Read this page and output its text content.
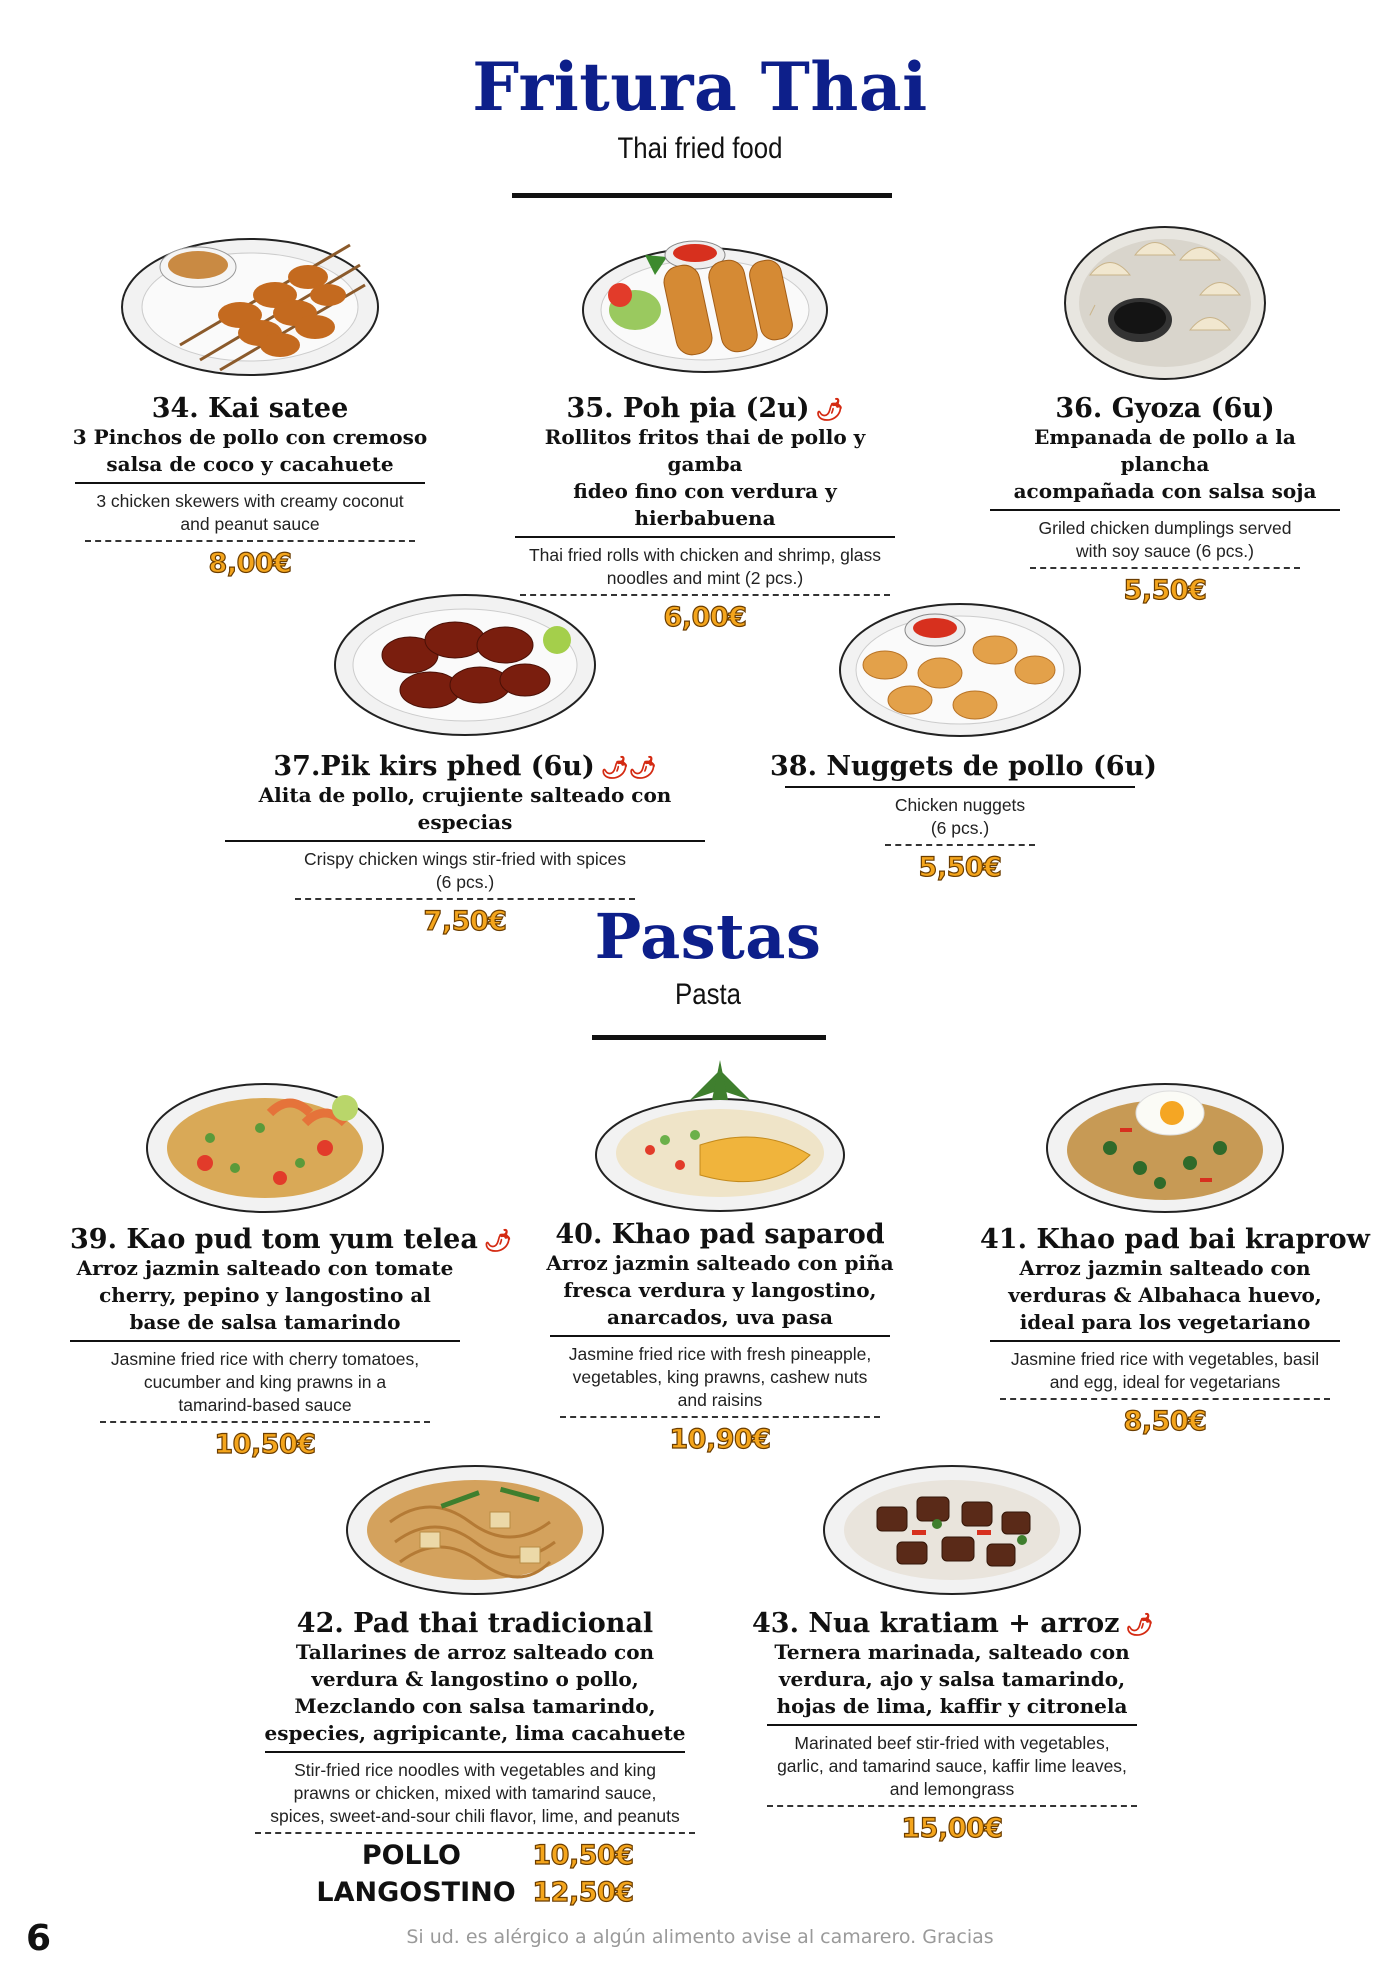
Fritura Thai
Thai fried food
34. Kai satee
3 Pinchos de pollo con cremoso
salsa de coco y cacahuete
3 chicken skewers with creamy coconut
and peanut sauce
8,00€
35. Poh pia (2u) 🌶
Rollitos fritos thai de pollo y gamba
fideo fino con verdura y hierbabuena
Thai fried rolls with chicken and shrimp, glass
noodles and mint (2 pcs.)
6,00€
36. Gyoza (6u)
Empanada de pollo a la plancha
acompañada con salsa soja
Griled chicken dumplings served
with soy sauce (6 pcs.)
5,50€
37.Pik kirs phed (6u) 🌶🌶
Alita de pollo, crujiente salteado con especias
Crispy chicken wings stir-fried with spices
(6 pcs.)
7,50€
38. Nuggets de pollo (6u)
Chicken nuggets
(6 pcs.)
5,50€
Pastas
Pasta
39. Kao pud tom yum telea 🌶
Arroz jazmin salteado con tomate
cherry, pepino y langostino al
base de salsa tamarindo
Jasmine fried rice with cherry tomatoes,
cucumber and king prawns in a
tamarind-based sauce
10,50€
40. Khao pad saparod
Arroz jazmin salteado con piña
fresca verdura y langostino,
anarcados, uva pasa
Jasmine fried rice with fresh pineapple,
vegetables, king prawns, cashew nuts
and raisins
10,90€
41. Khao pad bai kraprow
Arroz jazmin salteado con
verduras & Albahaca huevo,
ideal para los vegetariano
Jasmine fried rice with vegetables, basil
and egg, ideal for vegetarians
8,50€
42. Pad thai tradicional
Tallarines de arroz salteado con
verdura & langostino o pollo,
Mezclando con salsa tamarindo,
especies, agripicante, lima cacahuete
Stir-fried rice noodles with vegetables and king
prawns or chicken, mixed with tamarind sauce,
spices, sweet-and-sour chili flavor, lime, and peanuts
POLLO	10,50€
LANGOSTINO 12,50€
43. Nua kratiam + arroz 🌶
Ternera marinada, salteado con
verdura, ajo y salsa tamarindo,
hojas de lima, kaffir y citronela
Marinated beef stir-fried with vegetables,
garlic, and tamarind sauce, kaffir lime leaves,
and lemongrass
15,00€
6	Si ud. es alérgico a algún alimento avise al camarero. Gracias
